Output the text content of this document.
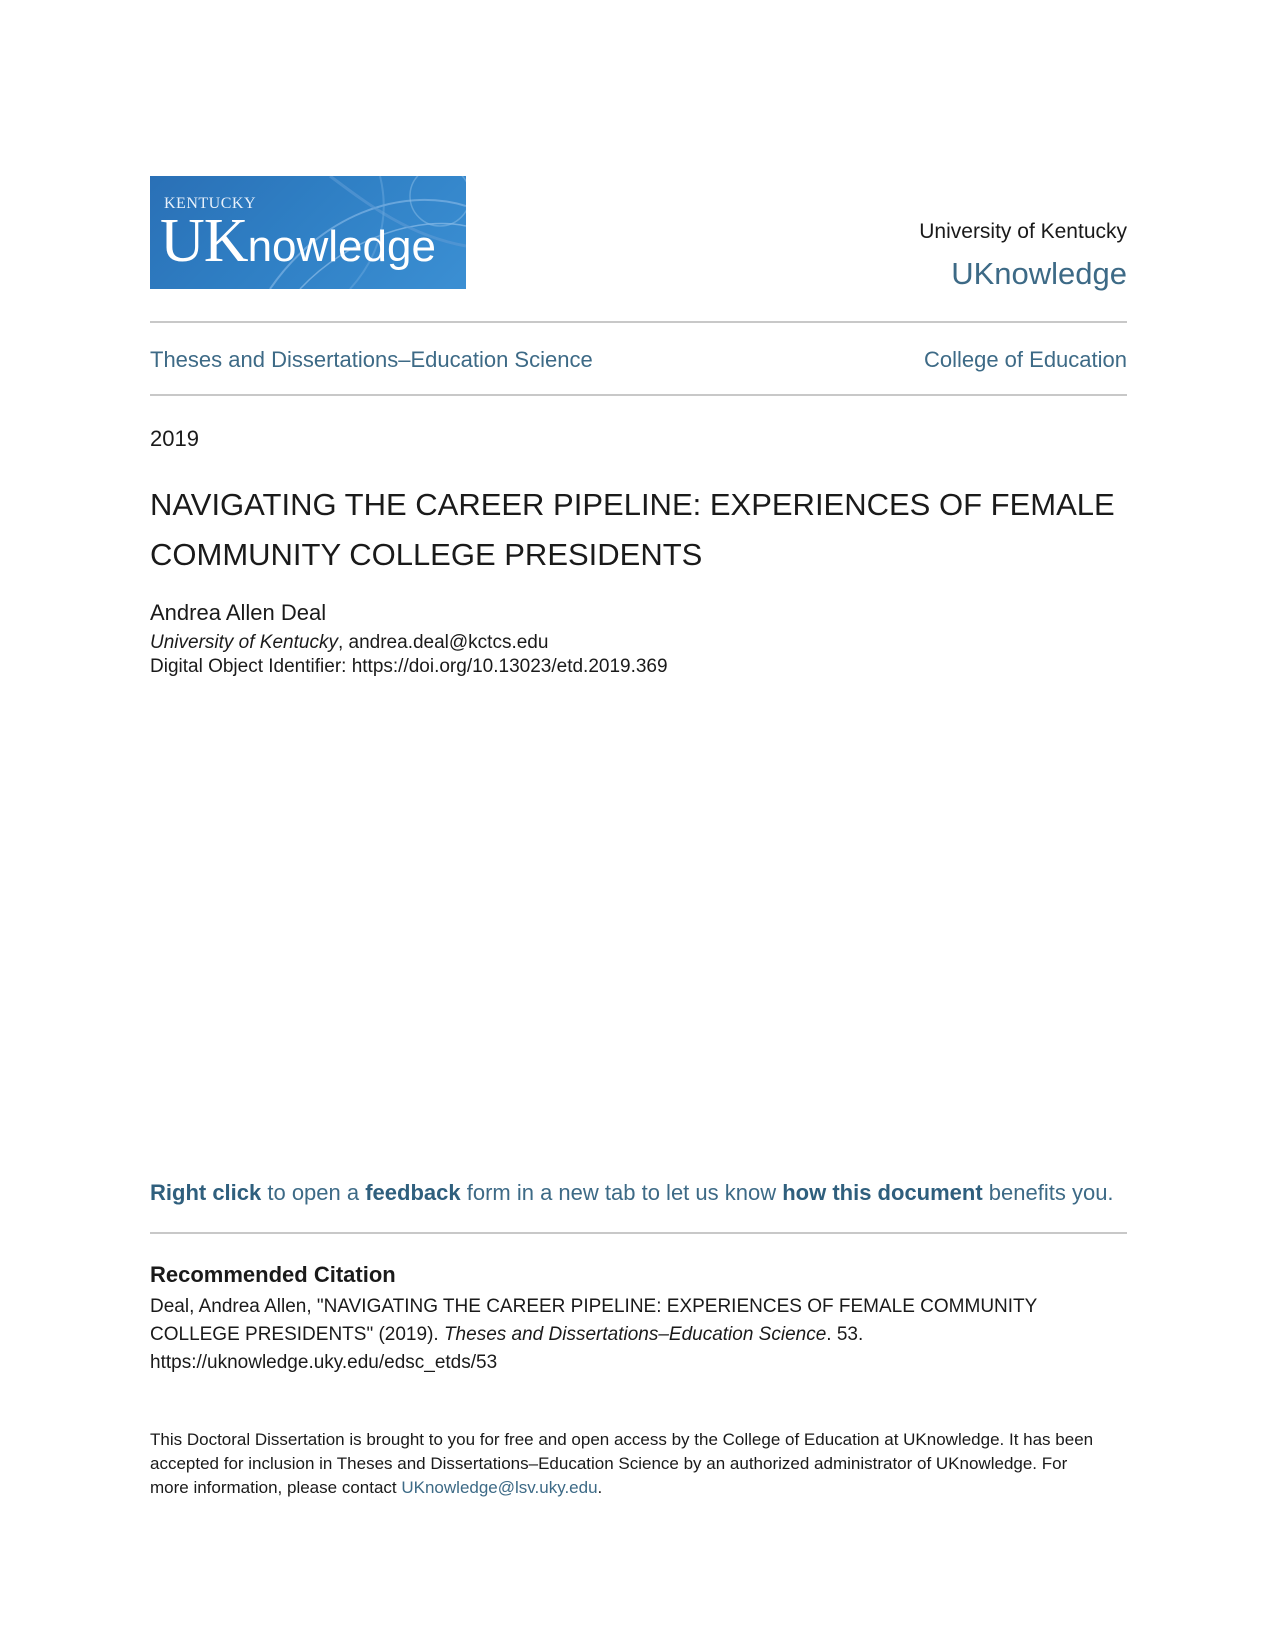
KENTUCKY
UKnowledge	University of Kentucky
UKnowledge
Theses and Dissertations–Education Science	College of Education
2019
NAVIGATING THE CAREER PIPELINE: EXPERIENCES OF FEMALE COMMUNITY COLLEGE PRESIDENTS
Andrea Allen Deal
University of Kentucky, andrea.deal@kctcs.edu
Digital Object Identifier: https://doi.org/10.13023/etd.2019.369
Right click to open a feedback form in a new tab to let us know how this document benefits you.
Recommended Citation
Deal, Andrea Allen, "NAVIGATING THE CAREER PIPELINE: EXPERIENCES OF FEMALE COMMUNITY COLLEGE PRESIDENTS" (2019). Theses and Dissertations–Education Science. 53.
https://uknowledge.uky.edu/edsc_etds/53
This Doctoral Dissertation is brought to you for free and open access by the College of Education at UKnowledge. It has been accepted for inclusion in Theses and Dissertations–Education Science by an authorized administrator of UKnowledge. For more information, please contact UKnowledge@lsv.uky.edu.
